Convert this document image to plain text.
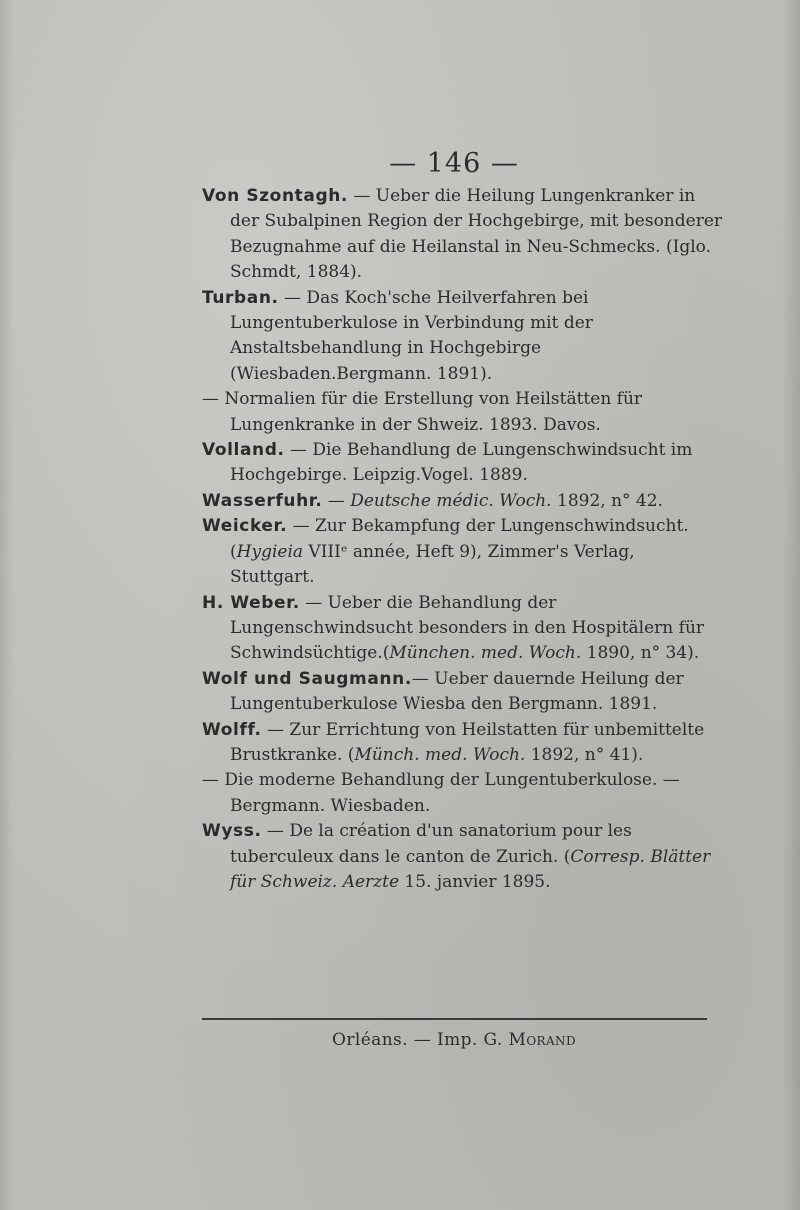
— 146 —

Von Szontagh. — Ueber die Heilung Lungenkranker in der Subalpinen Region der Hochgebirge, mit besonderer Bezugnahme auf die Heilanstal in Neu-Schmecks. (Iglo. Schmdt, 1884).

Turban. — Das Koch'sche Heilverfahren bei Lungentuberkulose in Verbindung mit der Anstaltsbehandlung in Hochgebirge (Wiesbaden.Bergmann. 1891).

— Normalien für die Erstellung von Heilstätten für Lungenkranke in der Shweiz. 1893. Davos.

Volland. — Die Behandlung de Lungenschwindsucht im Hochgebirge. Leipzig.Vogel. 1889.

Wasserfuhr. — Deutsche médic. Woch. 1892, n° 42.

Weicker. — Zur Bekampfung der Lungenschwindsucht. (Hygieia VIIIᵉ année, Heft 9), Zimmer's Verlag, Stuttgart.

H. Weber. — Ueber die Behandlung der Lungenschwindsucht besonders in den Hospitälern für Schwindsüchtige.(München. med. Woch. 1890, n° 34).

Wolf und Saugmann.— Ueber dauernde Heilung der Lungentuberkulose Wiesba den Bergmann. 1891.

Wolff. — Zur Errichtung von Heilstatten für unbemittelte Brustkranke. (Münch. med. Woch. 1892, n° 41).

— Die moderne Behandlung der Lungentuberkulose. — Bergmann. Wiesbaden.

Wyss. — De la création d'un sanatorium pour les tuberculeux dans le canton de Zurich. (Corresp. Blätter für Schweiz. Aerzte 15. janvier 1895.

Orléans. — Imp. G. Morand
